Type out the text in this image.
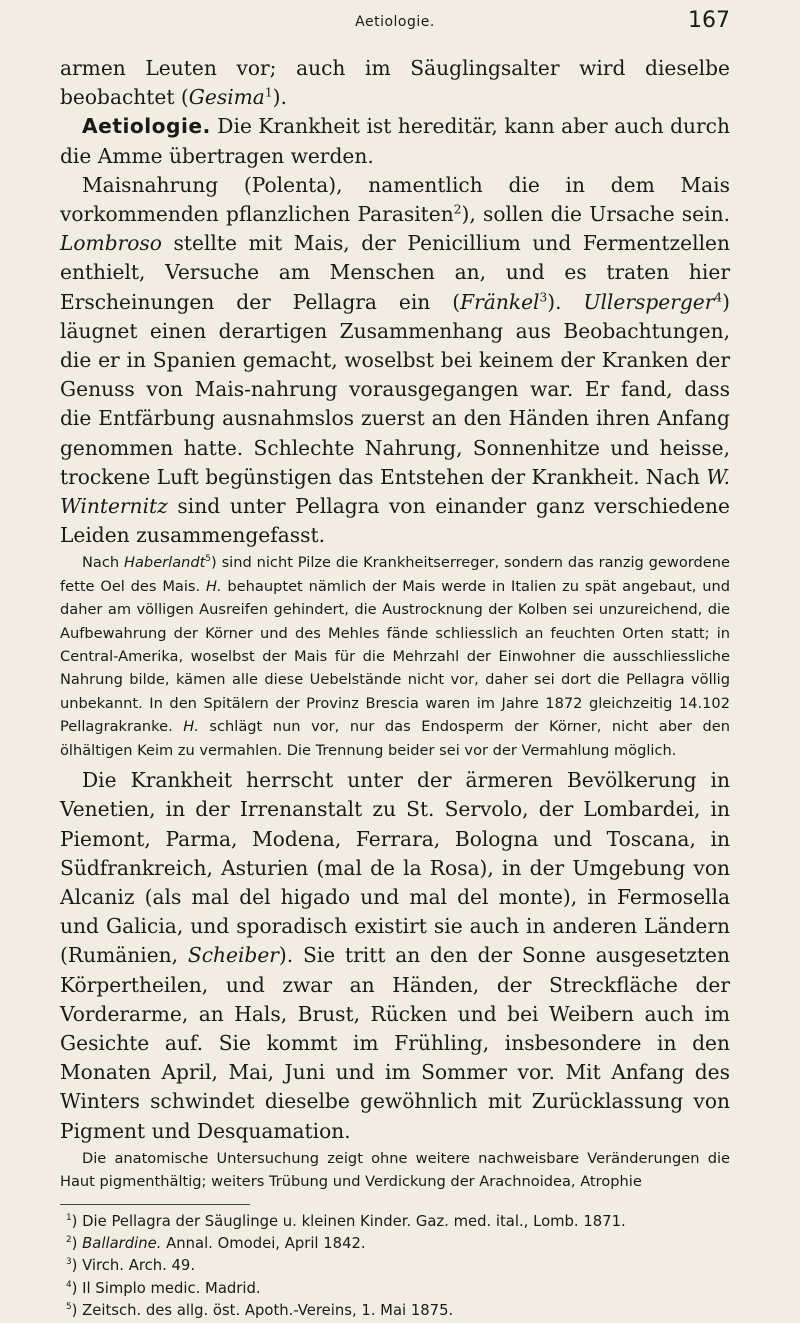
Aetiologie.	167

armen Leuten vor; auch im Säuglingsalter wird dieselbe beobachtet (Gesima$^1$).

Aetiologie. Die Krankheit ist hereditär, kann aber auch durch die Amme übertragen werden.

Maisnahrung (Polenta), namentlich die in dem Mais vorkommenden pflanzlichen Parasiten$^2$), sollen die Ursache sein. Lombroso stellte mit Mais, der Penicillium und Fermentzellen enthielt, Versuche am Menschen an, und es traten hier Erscheinungen der Pellagra ein (Fränkel$^3$). Ullersperger$^4$) läugnet einen derartigen Zusammenhang aus Beobachtungen, die er in Spanien gemacht, woselbst bei keinem der Kranken der Genuss von Mais-nahrung vorausgegangen war. Er fand, dass die Entfärbung ausnahmslos zuerst an den Händen ihren Anfang genommen hatte. Schlechte Nahrung, Sonnenhitze und heisse, trockene Luft begünstigen das Entstehen der Krankheit. Nach W. Winternitz sind unter Pellagra von einander ganz verschiedene Leiden zusammengefasst.

Nach Haberlandt$^5$) sind nicht Pilze die Krankheitserreger, sondern das ranzig gewordene fette Oel des Mais. H. behauptet nämlich der Mais werde in Italien zu spät angebaut, und daher am völligen Ausreifen gehindert, die Austrocknung der Kolben sei unzureichend, die Aufbewahrung der Körner und des Mehles fände schliesslich an feuchten Orten statt; in Central-Amerika, woselbst der Mais für die Mehrzahl der Einwohner die ausschliessliche Nahrung bilde, kämen alle diese Uebelstände nicht vor, daher sei dort die Pellagra völlig unbekannt. In den Spitälern der Provinz Brescia waren im Jahre 1872 gleichzeitig 14.102 Pellagrakranke. H. schlägt nun vor, nur das Endosperm der Körner, nicht aber den ölhältigen Keim zu vermahlen. Die Trennung beider sei vor der Vermahlung möglich.

Die Krankheit herrscht unter der ärmeren Bevölkerung in Venetien, in der Irrenanstalt zu St. Servolo, der Lombardei, in Piemont, Parma, Modena, Ferrara, Bologna und Toscana, in Südfrankreich, Asturien (mal de la Rosa), in der Umgebung von Alcaniz (als mal del higado und mal del monte), in Fermosella und Galicia, und sporadisch existirt sie auch in anderen Ländern (Rumänien, Scheiber). Sie tritt an den der Sonne ausgesetzten Körpertheilen, und zwar an Händen, der Streckfläche der Vorderarme, an Hals, Brust, Rücken und bei Weibern auch im Gesichte auf. Sie kommt im Frühling, insbesondere in den Monaten April, Mai, Juni und im Sommer vor. Mit Anfang des Winters schwindet dieselbe gewöhnlich mit Zurücklassung von Pigment und Desquamation.

Die anatomische Untersuchung zeigt ohne weitere nachweisbare Veränderungen die Haut pigmenthältig; weiters Trübung und Verdickung der Arachnoidea, Atrophie

$^1$) Die Pellagra der Säuglinge u. kleinen Kinder. Gaz. med. ital., Lomb. 1871.
$^2$) Ballardine. Annal. Omodei, April 1842.
$^3$) Virch. Arch. 49.
$^4$) Il Simplo medic. Madrid.
$^5$) Zeitsch. des allg. öst. Apoth.-Vereins, 1. Mai 1875.
